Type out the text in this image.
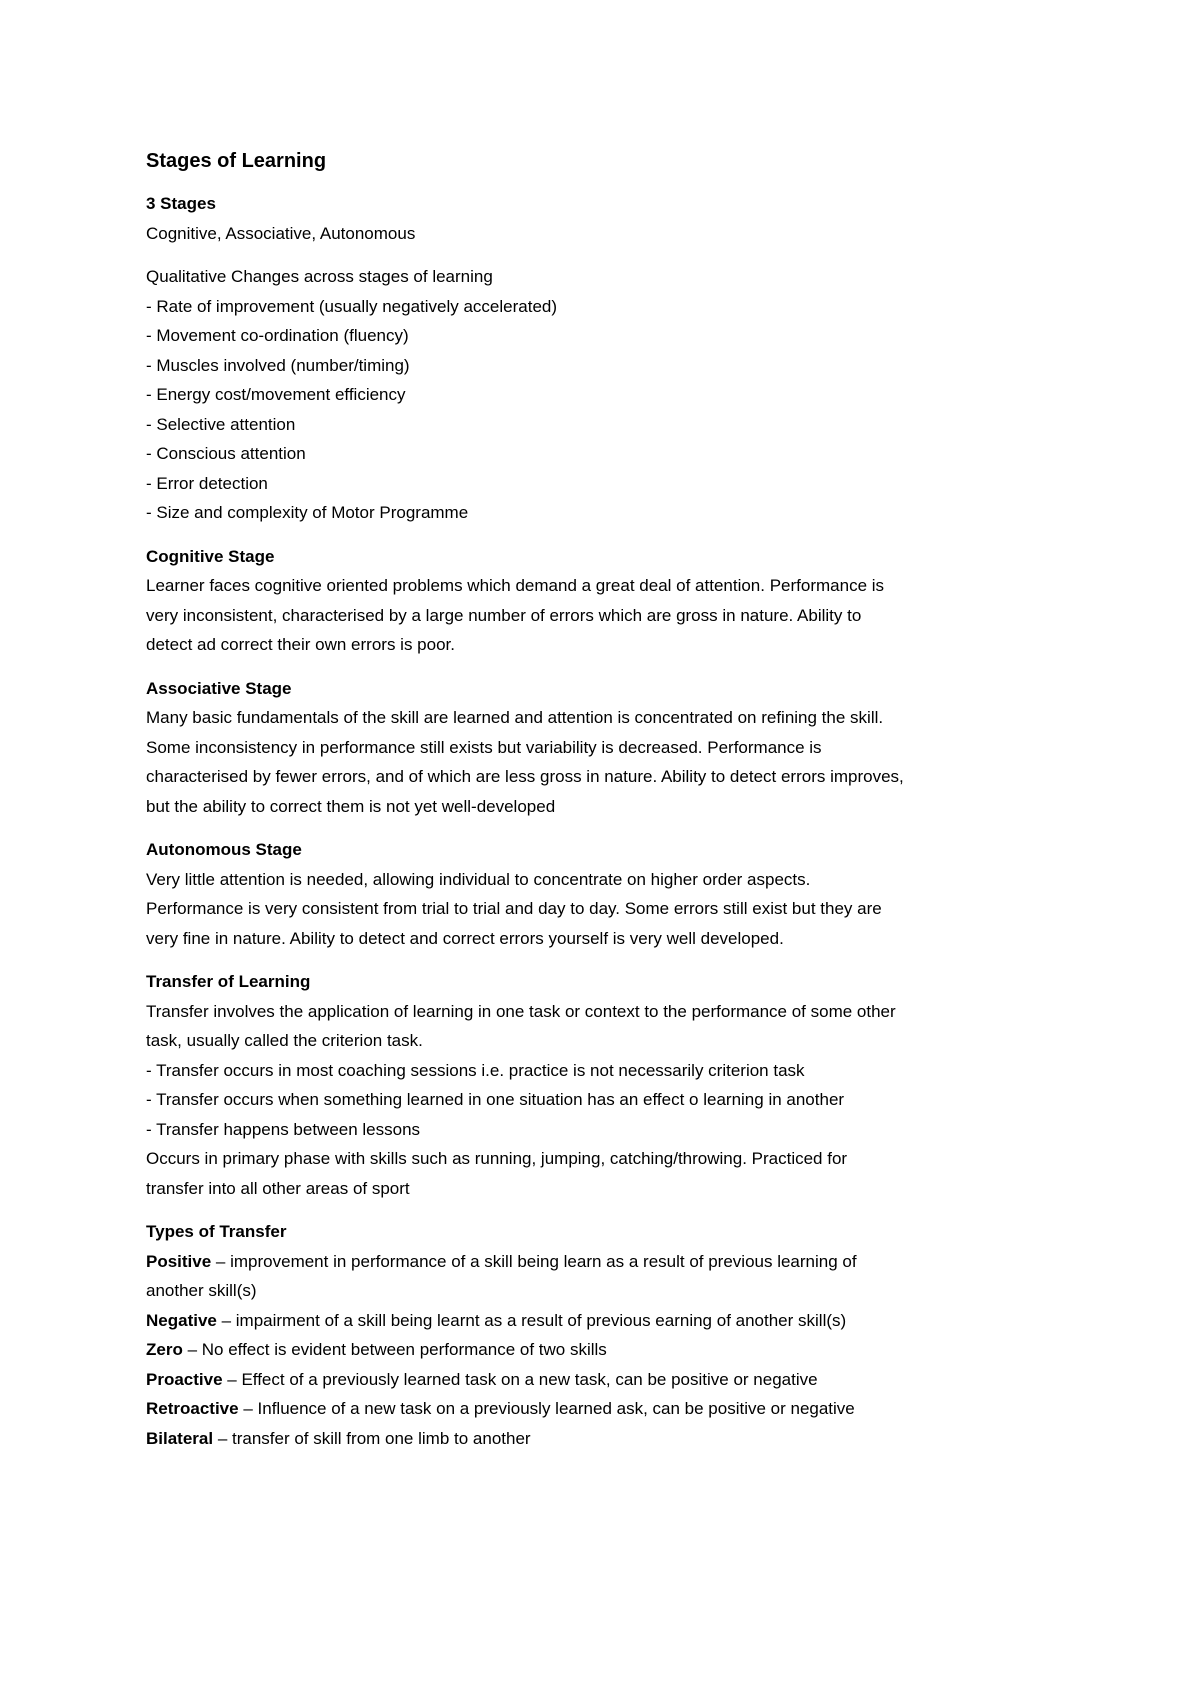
Stages of Learning
3 Stages
Cognitive, Associative, Autonomous
Qualitative Changes across stages of learning
- Rate of improvement (usually negatively accelerated)
- Movement co-ordination (fluency)
- Muscles involved (number/timing)
- Energy cost/movement efficiency
- Selective attention
- Conscious attention
- Error detection
- Size and complexity of Motor Programme
Cognitive Stage
Learner faces cognitive oriented problems which demand a great deal of attention. Performance is
very inconsistent, characterised by a large number of errors which are gross in nature. Ability to
detect ad correct their own errors is poor.
Associative Stage
Many basic fundamentals of the skill are learned and attention is concentrated on refining the skill.
Some inconsistency in performance still exists but variability is decreased. Performance is
characterised by fewer errors, and of which are less gross in nature. Ability to detect errors improves,
but the ability to correct them is not yet well-developed
Autonomous Stage
Very little attention is needed, allowing individual to concentrate on higher order aspects.
Performance is very consistent from trial to trial and day to day. Some errors still exist but they are
very fine in nature. Ability to detect and correct errors yourself is very well developed.
Transfer of Learning
Transfer involves the application of learning in one task or context to the performance of some other
task, usually called the criterion task.
- Transfer occurs in most coaching sessions i.e. practice is not necessarily criterion task
- Transfer occurs when something learned in one situation has an effect o learning in another
- Transfer happens between lessons
Occurs in primary phase with skills such as running, jumping, catching/throwing. Practiced for
transfer into all other areas of sport
Types of Transfer
Positive – improvement in performance of a skill being learn as a result of previous learning of
another skill(s)
Negative – impairment of a skill being learnt as a result of previous earning of another skill(s)
Zero – No effect is evident between performance of two skills
Proactive – Effect of a previously learned task on a new task, can be positive or negative
Retroactive – Influence of a new task on a previously learned ask, can be positive or negative
Bilateral – transfer of skill from one limb to another
